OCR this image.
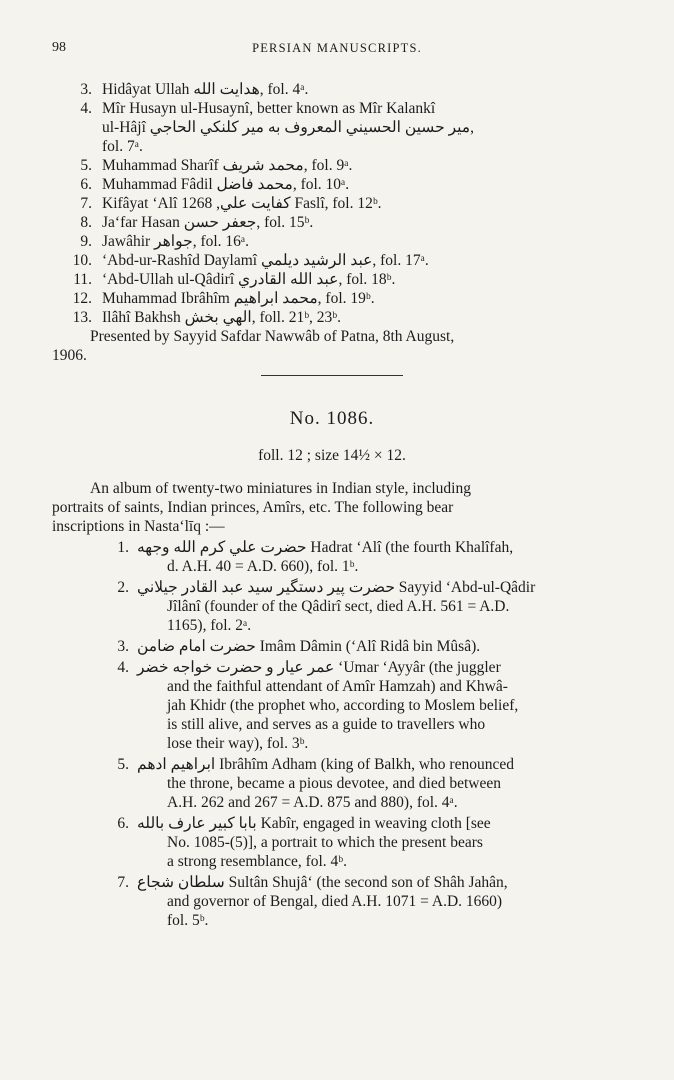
98	PERSIAN MANUSCRIPTS.
3. Hidâyat Ullah هدايت الله, fol. 4ᵃ.
4. Mîr Husayn ul-Husaynî, better known as Mîr Kalankî
ul-Hâjî مير حسين الحسيني المعروف به مير كلنكي الحاجي,
fol. 7ᵃ.
5. Muhammad Sharîf محمد شريف, fol. 9ᵃ.
6. Muhammad Fâdil محمد فاضل, fol. 10ᵃ.
7. Kifâyat ‘Alî كفايت علي, 1268 Faslî, fol. 12ᵇ.
8. Ja‘far Hasan جعفر حسن, fol. 15ᵇ.
9. Jawâhir جواهر, fol. 16ᵃ.
10. ‘Abd-ur-Rashîd Daylamî عبد الرشيد ديلمي, fol. 17ᵃ.
11. ‘Abd-Ullah ul-Qâdirî عبد الله القادري, fol. 18ᵇ.
12. Muhammad Ibrâhîm محمد ابراهيم, fol. 19ᵇ.
13. Ilâhî Bakhsh الهي بخش, foll. 21ᵇ, 23ᵇ.

Presented by Sayyid Safdar Nawwâb of Patna, 8th August,
1906.

No. 1086.
foll. 12 ; size 14½ × 12.
An album of twenty-two miniatures in Indian style, including
portraits of saints, Indian princes, Amîrs, etc. The following bear
inscriptions in Nasta‘līq :—
1. حضرت علي كرم الله وجهه Hadrat ‘Alî (the fourth Khalîfah,
d. A.H. 40 = A.D. 660), fol. 1ᵇ.
2. حضرت پير دستگير سيد عبد القادر جيلاني Sayyid ‘Abd-ul-Qâdir
Jîlânî (founder of the Qâdirî sect, died A.H. 561 = A.D.
1165), fol. 2ᵃ.
3. حضرت امام ضامن Imâm Dâmin (‘Alî Ridâ bin Mûsâ).
4. عمر عيار و حضرت خواجه خضر ‘Umar ‘Ayyâr (the juggler
and the faithful attendant of Amîr Hamzah) and Khwâ-
jah Khidr (the prophet who, according to Moslem belief,
is still alive, and serves as a guide to travellers who
lose their way), fol. 3ᵇ.
5. ابراهيم ادهم Ibrâhîm Adham (king of Balkh, who renounced
the throne, became a pious devotee, and died between
A.H. 262 and 267 = A.D. 875 and 880), fol. 4ᵃ.
6. بابا كبير عارف بالله Kabîr, engaged in weaving cloth [see
No. 1085-(5)], a portrait to which the present bears
a strong resemblance, fol. 4ᵇ.
7. سلطان شجاع Sultân Shujâ‘ (the second son of Shâh Jahân,
and governor of Bengal, died A.H. 1071 = A.D. 1660)
fol. 5ᵇ.
